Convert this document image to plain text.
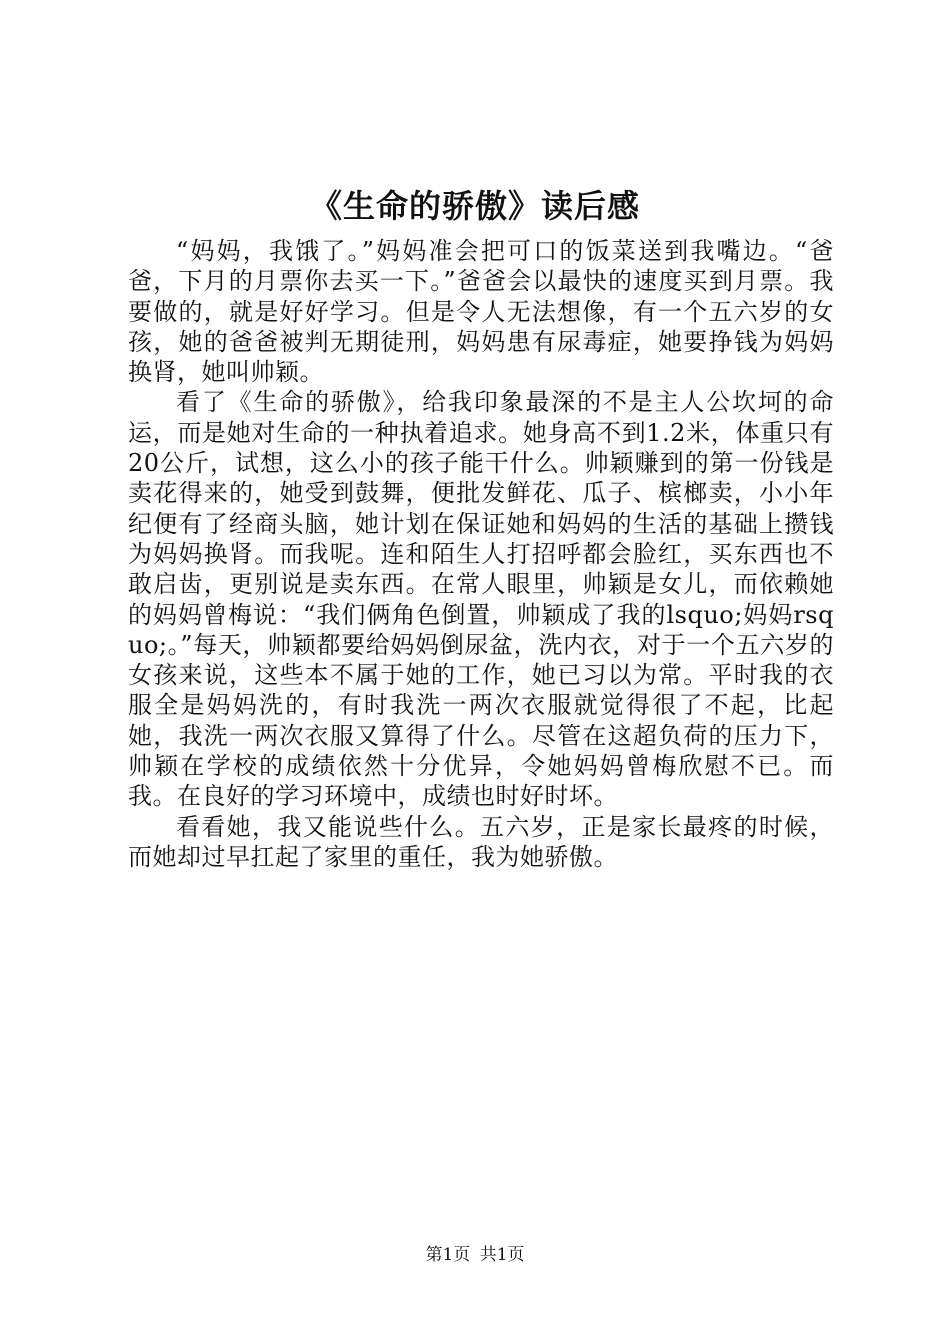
《生命的骄傲》读后感

“妈妈，我饿了。”妈妈准会把可口的饭菜送到我嘴边。“爸爸，下月的月票你去买一下。”爸爸会以最快的速度买到月票。我要做的，就是好好学习。但是令人无法想像，有一个五六岁的女孩，她的爸爸被判无期徒刑，妈妈患有尿毒症，她要挣钱为妈妈换肾，她叫帅颖。

看了《生命的骄傲》，给我印象最深的不是主人公坎坷的命运，而是她对生命的一种执着追求。她身高不到1.2米，体重只有20公斤，试想，这么小的孩子能干什么。帅颖赚到的第一份钱是卖花得来的，她受到鼓舞，便批发鲜花、瓜子、槟榔卖，小小年纪便有了经商头脑，她计划在保证她和妈妈的生活的基础上攒钱为妈妈换肾。而我呢。连和陌生人打招呼都会脸红，买东西也不敢启齿，更别说是卖东西。在常人眼里，帅颖是女儿，而依赖她的妈妈曾梅说：“我们俩角色倒置，帅颖成了我的lsquo;妈妈rsquo;。”每天，帅颖都要给妈妈倒尿盆，洗内衣，对于一个五六岁的女孩来说，这些本不属于她的工作，她已习以为常。平时我的衣服全是妈妈洗的，有时我洗一两次衣服就觉得很了不起，比起她，我洗一两次衣服又算得了什么。尽管在这超负荷的压力下，帅颖在学校的成绩依然十分优异，令她妈妈曾梅欣慰不已。而我。在良好的学习环境中，成绩也时好时坏。

看看她，我又能说些什么。五六岁，正是家长最疼的时候，而她却过早扛起了家里的重任，我为她骄傲。

第1页 共1页
